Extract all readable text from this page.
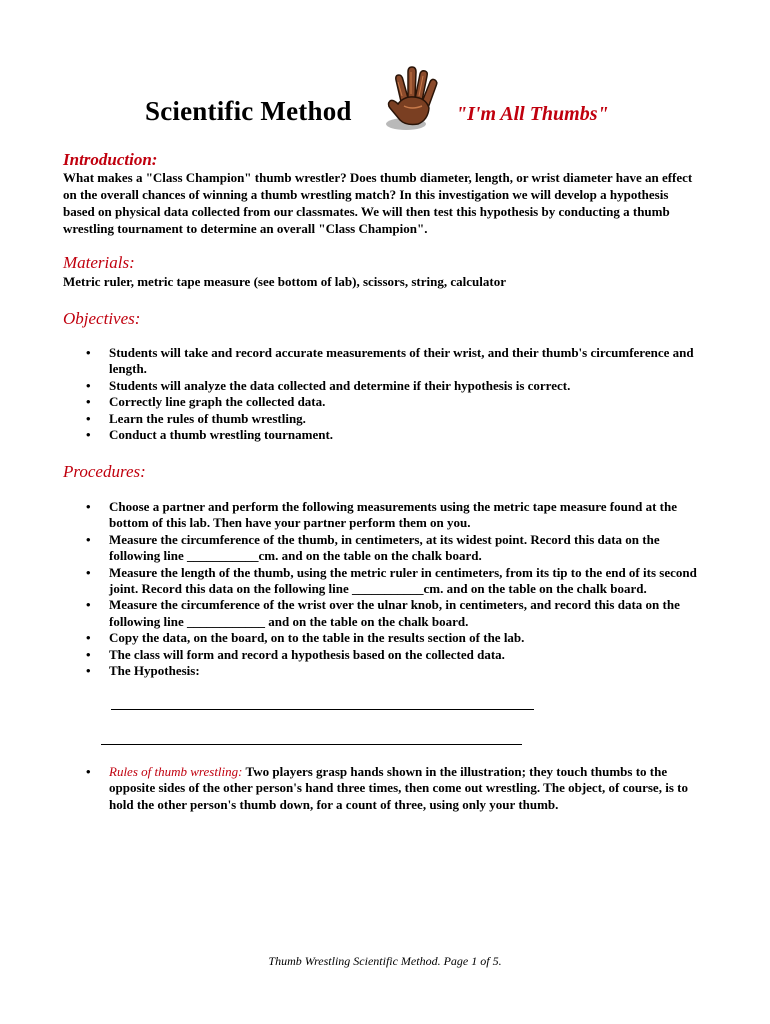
Scientific Method	"I'm All Thumbs"
Introduction:
What makes a "Class Champion" thumb wrestler? Does thumb diameter, length, or wrist diameter have an effect on the overall chances of winning a thumb wrestling match? In this investigation we will develop a hypothesis based on physical data collected from our classmates. We will then test this hypothesis by conducting a thumb wrestling tournament to determine an overall "Class Champion".
Materials:
Metric ruler, metric tape measure (see bottom of lab), scissors, string, calculator
Objectives:
• Students will take and record accurate measurements of their wrist, and their thumb's circumference and length.
• Students will analyze the data collected and determine if their hypothesis is correct.
• Correctly line graph the collected data.
• Learn the rules of thumb wrestling.
• Conduct a thumb wrestling tournament.
Procedures:
• Choose a partner and perform the following measurements using the metric tape measure found at the bottom of this lab. Then have your partner perform them on you.
• Measure the circumference of the thumb, in centimeters, at its widest point. Record this data on the following line ___________cm. and on the table on the chalk board.
• Measure the length of the thumb, using the metric ruler in centimeters, from its tip to the end of its second joint. Record this data on the following line ___________cm. and on the table on the chalk board.
• Measure the circumference of the wrist over the ulnar knob, in centimeters, and record this data on the following line ____________ and on the table on the chalk board.
• Copy the data, on the board, on to the table in the results section of the lab.
• The class will form and record a hypothesis based on the collected data.
• The Hypothesis:
• Rules of thumb wrestling: Two players grasp hands shown in the illustration; they touch thumbs to the opposite sides of the other person's hand three times, then come out wrestling. The object, of course, is to hold the other person's thumb down, for a count of three, using only your thumb.
Thumb Wrestling Scientific Method. Page 1 of 5.
